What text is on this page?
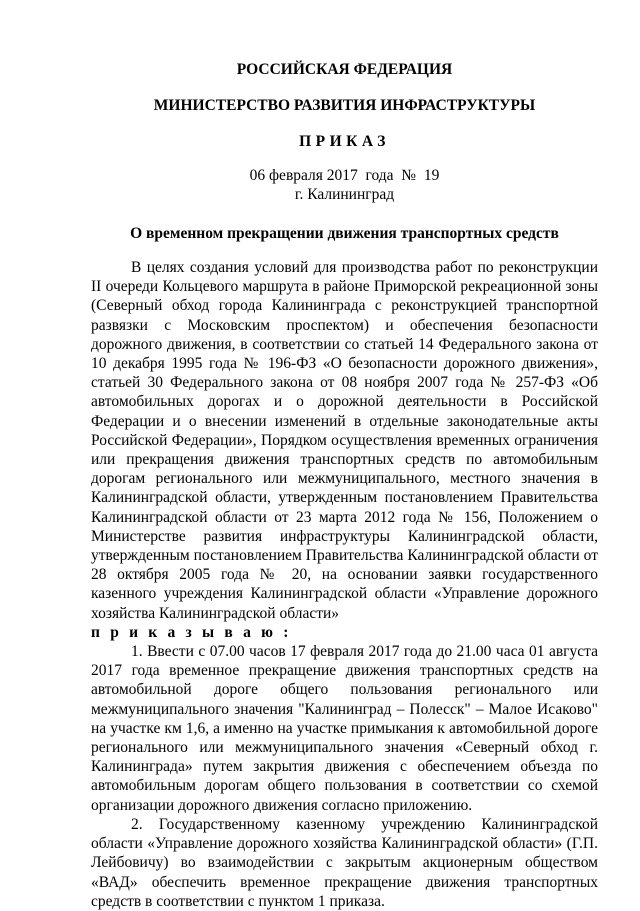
РОССИЙСКАЯ ФЕДЕРАЦИЯ
МИНИСТЕРСТВО РАЗВИТИЯ ИНФРАСТРУКТУРЫ
ПРИКАЗ
06 февраля 2017  года  №  19
г. Калининград
О временном прекращении движения транспортных средств

В целях создания условий для производства работ по реконструкции II очереди Кольцевого маршрута в районе Приморской рекреационной зоны (Северный обход города Калининграда с реконструкцией транспортной развязки с Московским проспектом) и обеспечения безопасности дорожного движения, в соответствии со статьей 14 Федерального закона от 10 декабря 1995 года № 196-ФЗ «О безопасности дорожного движения», статьей 30 Федерального закона от 08 ноября 2007 года № 257-ФЗ «Об автомобильных дорогах и о дорожной деятельности в Российской Федерации и о внесении изменений в отдельные законодательные акты Российской Федерации», Порядком осуществления временных ограничения или прекращения движения транспортных средств по автомобильным дорогам регионального или межмуниципального, местного значения в Калининградской области, утвержденным постановлением Правительства Калининградской области от 23 марта 2012 года № 156, Положением о Министерстве развития инфраструктуры Калининградской области, утвержденным постановлением Правительства Калининградской области от 28 октября 2005 года № 20, на основании заявки государственного казенного учреждения Калининградской области «Управление дорожного хозяйства Калининградской области»
п р и к а з ы в а ю :

1. Ввести с 07.00 часов 17 февраля 2017 года до 21.00 часа 01 августа 2017 года временное прекращение движения транспортных средств на автомобильной дороге общего пользования регионального или межмуниципального значения "Калининград – Полесск" – Малое Исаково" на участке км 1,6, а именно на участке примыкания к автомобильной дороге регионального или межмуниципального значения «Северный обход г. Калининграда» путем закрытия движения с обеспечением объезда по автомобильным дорогам общего пользования в соответствии со схемой организации дорожного движения согласно приложению.

2. Государственному казенному учреждению Калининградской области «Управление дорожного хозяйства Калининградской области» (Г.П. Лейбовичу) во взаимодействии с закрытым акционерным обществом «ВАД» обеспечить временное прекращение движения транспортных средств в соответствии с пунктом 1 приказа.
